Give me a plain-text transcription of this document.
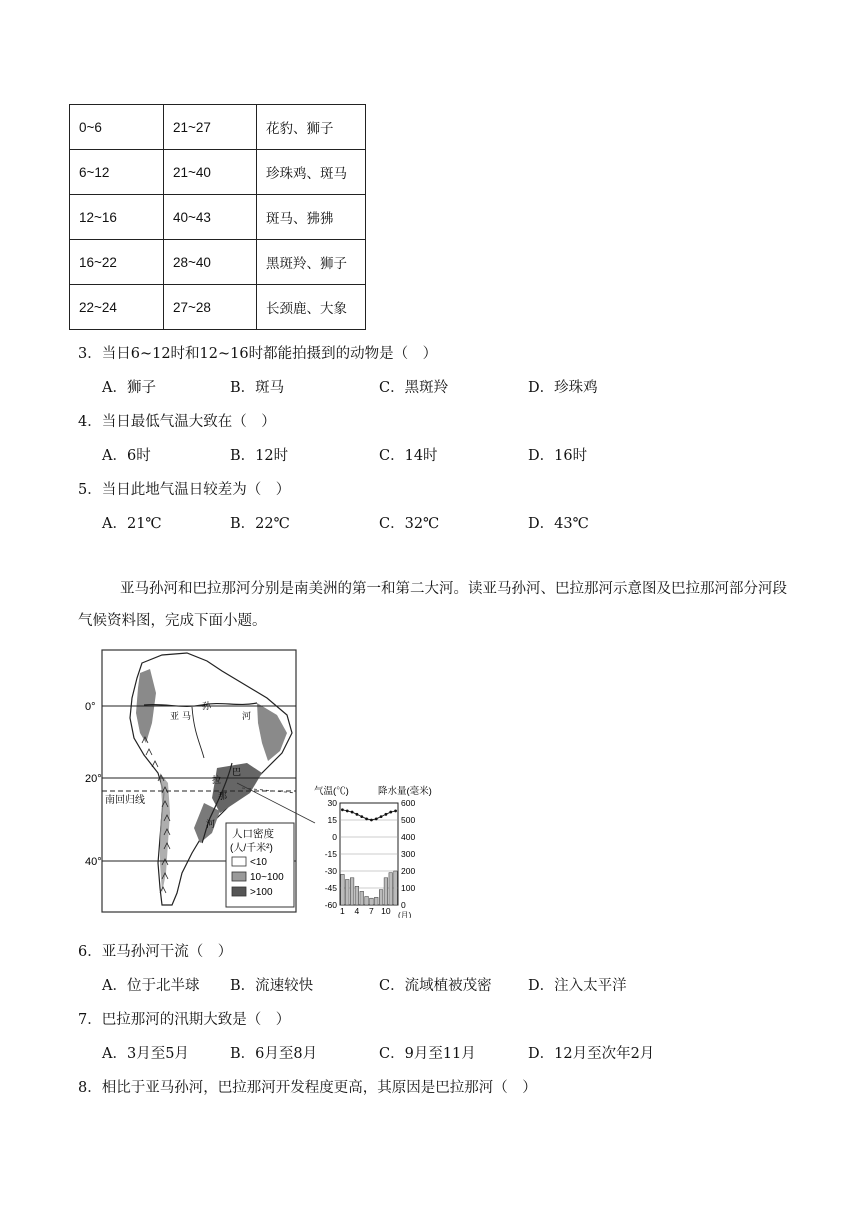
0~6	21~27	花豹、狮子
6~12	21~40	珍珠鸡、斑马
12~16	40~43	斑马、狒狒
16~22	28~40	黑斑羚、狮子
22~24	27~28	长颈鹿、大象
3．当日6~12时和12~16时都能拍摄到的动物是（　）
A．狮子	B．斑马	C．黑斑羚	D．珍珠鸡
4．当日最低气温大致在（　）
A．6时	B．12时	C．14时	D．16时
5．当日此地气温日较差为（　）
A．21℃	B．22℃	C．32℃	D．43℃
亚马孙河和巴拉那河分别是南美洲的第一和第二大河。读亚马孙河、巴拉那河示意图及巴拉那河部分河段气候资料图，完成下面小题。
0°
20°
40°
南回归线
亚 马
孙
河
巴
拉
那
河
人口密度
(人/千米²)
<10
10~100
>100
气温(℃)	降水量(毫米)
30
15
0
-15
-30
-45
-60
600
500
400
300
200
100
0
1 4 7 10 (月)
6．亚马孙河干流（　）
A．位于北半球 B．流速较快	C．流域植被茂密	D．注入太平洋
7．巴拉那河的汛期大致是（　）
A．3月至5月	B．6月至8月	C．9月至11月	D．12月至次年2月
8．相比于亚马孙河，巴拉那河开发程度更高，其原因是巴拉那河（　）
